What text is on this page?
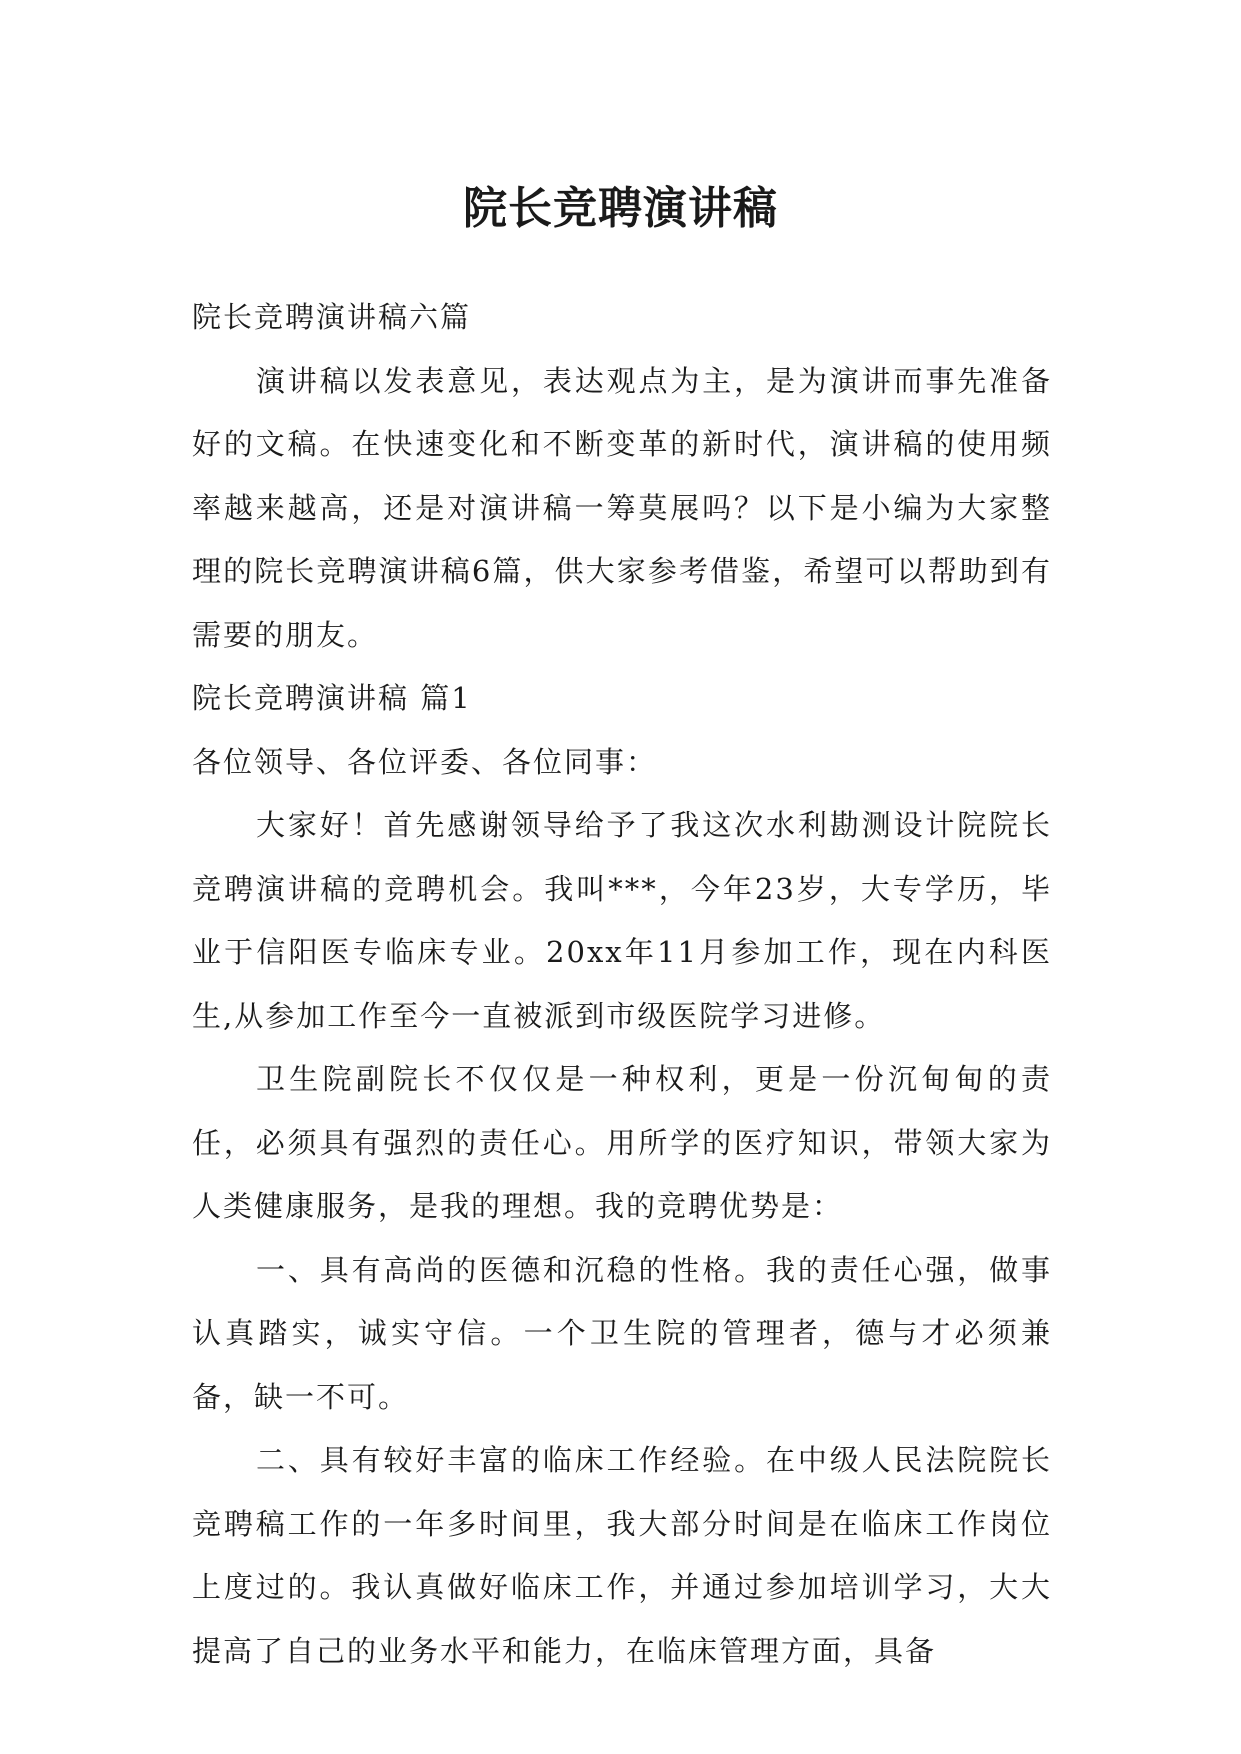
院长竞聘演讲稿

院长竞聘演讲稿六篇

演讲稿以发表意见，表达观点为主，是为演讲而事先准备好的文稿。在快速变化和不断变革的新时代，演讲稿的使用频率越来越高，还是对演讲稿一筹莫展吗？以下是小编为大家整理的院长竞聘演讲稿6篇，供大家参考借鉴，希望可以帮助到有需要的朋友。

院长竞聘演讲稿 篇1

各位领导、各位评委、各位同事：

大家好！首先感谢领导给予了我这次水利勘测设计院院长竞聘演讲稿的竞聘机会。我叫***，今年23岁，大专学历，毕业于信阳医专临床专业。20xx年11月参加工作，现在内科医生,从参加工作至今一直被派到市级医院学习进修。

卫生院副院长不仅仅是一种权利，更是一份沉甸甸的责任，必须具有强烈的责任心。用所学的医疗知识，带领大家为人类健康服务，是我的理想。我的竞聘优势是：

一、具有高尚的医德和沉稳的性格。我的责任心强，做事认真踏实，诚实守信。一个卫生院的管理者，德与才必须兼备，缺一不可。

二、具有较好丰富的临床工作经验。在中级人民法院院长竞聘稿工作的一年多时间里，我大部分时间是在临床工作岗位上度过的。我认真做好临床工作，并通过参加培训学习，大大提高了自己的业务水平和能力，在临床管理方面，具备
